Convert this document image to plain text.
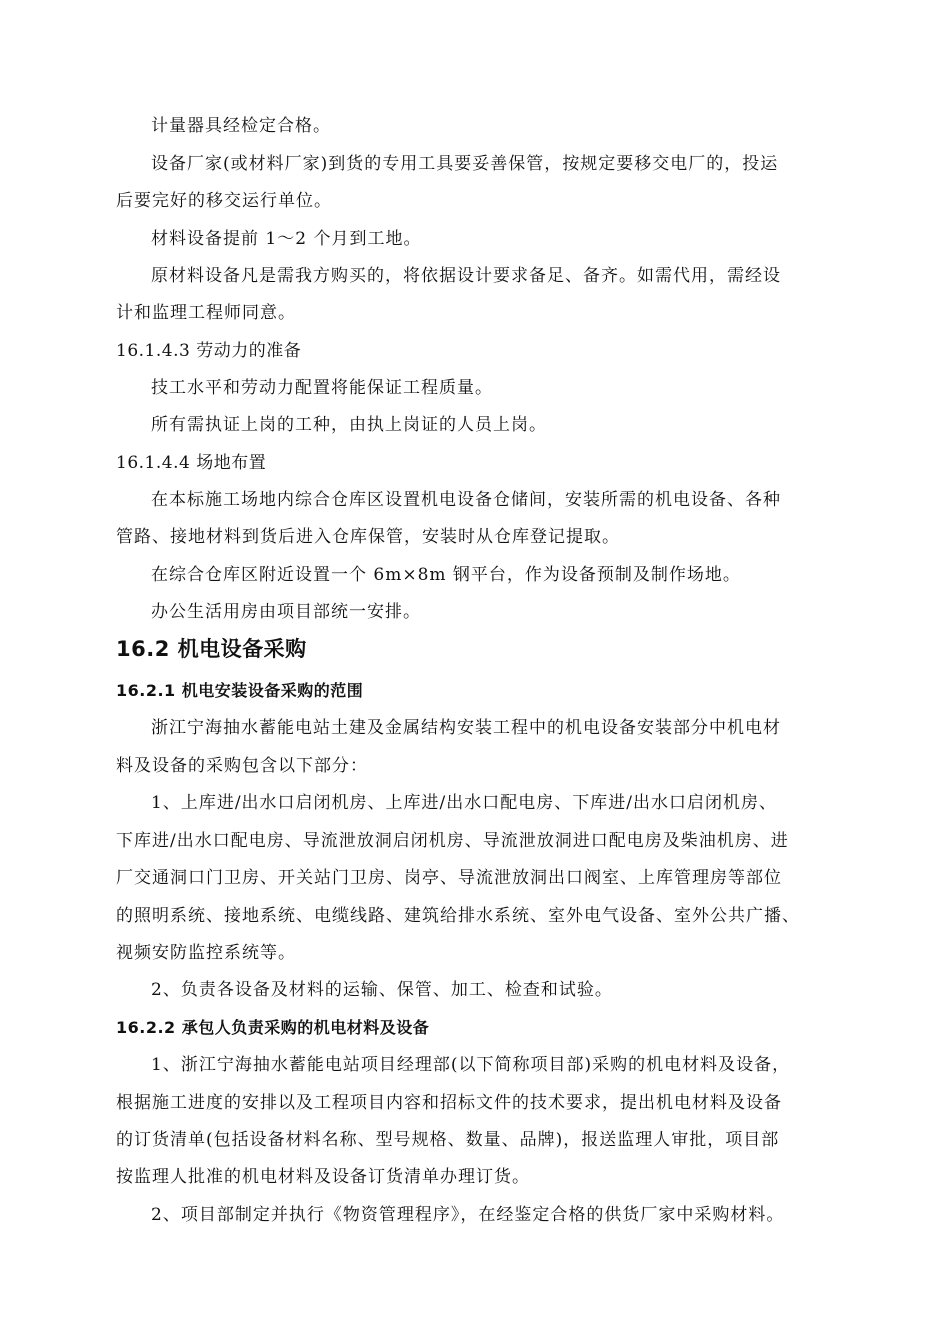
计量器具经检定合格。
设备厂家(或材料厂家)到货的专用工具要妥善保管，按规定要移交电厂的，投运
后要完好的移交运行单位。
材料设备提前 1～2 个月到工地。
原材料设备凡是需我方购买的，将依据设计要求备足、备齐。如需代用，需经设
计和监理工程师同意。
16.1.4.3 劳动力的准备
技工水平和劳动力配置将能保证工程质量。
所有需执证上岗的工种，由执上岗证的人员上岗。
16.1.4.4 场地布置
在本标施工场地内综合仓库区设置机电设备仓储间，安装所需的机电设备、各种
管路、接地材料到货后进入仓库保管，安装时从仓库登记提取。
在综合仓库区附近设置一个 6m×8m 钢平台，作为设备预制及制作场地。
办公生活用房由项目部统一安排。
16.2 机电设备采购
16.2.1 机电安装设备采购的范围
浙江宁海抽水蓄能电站土建及金属结构安装工程中的机电设备安装部分中机电材
料及设备的采购包含以下部分：
1、上库进/出水口启闭机房、上库进/出水口配电房、下库进/出水口启闭机房、
下库进/出水口配电房、导流泄放洞启闭机房、导流泄放洞进口配电房及柴油机房、进
厂交通洞口门卫房、开关站门卫房、岗亭、导流泄放洞出口阀室、上库管理房等部位
的照明系统、接地系统、电缆线路、建筑给排水系统、室外电气设备、室外公共广播、
视频安防监控系统等。
2、负责各设备及材料的运输、保管、加工、检查和试验。
16.2.2 承包人负责采购的机电材料及设备
1、浙江宁海抽水蓄能电站项目经理部(以下简称项目部)采购的机电材料及设备，
根据施工进度的安排以及工程项目内容和招标文件的技术要求，提出机电材料及设备
的订货清单(包括设备材料名称、型号规格、数量、品牌)，报送监理人审批，项目部
按监理人批准的机电材料及设备订货清单办理订货。
2、项目部制定并执行《物资管理程序》，在经鉴定合格的供货厂家中采购材料。
